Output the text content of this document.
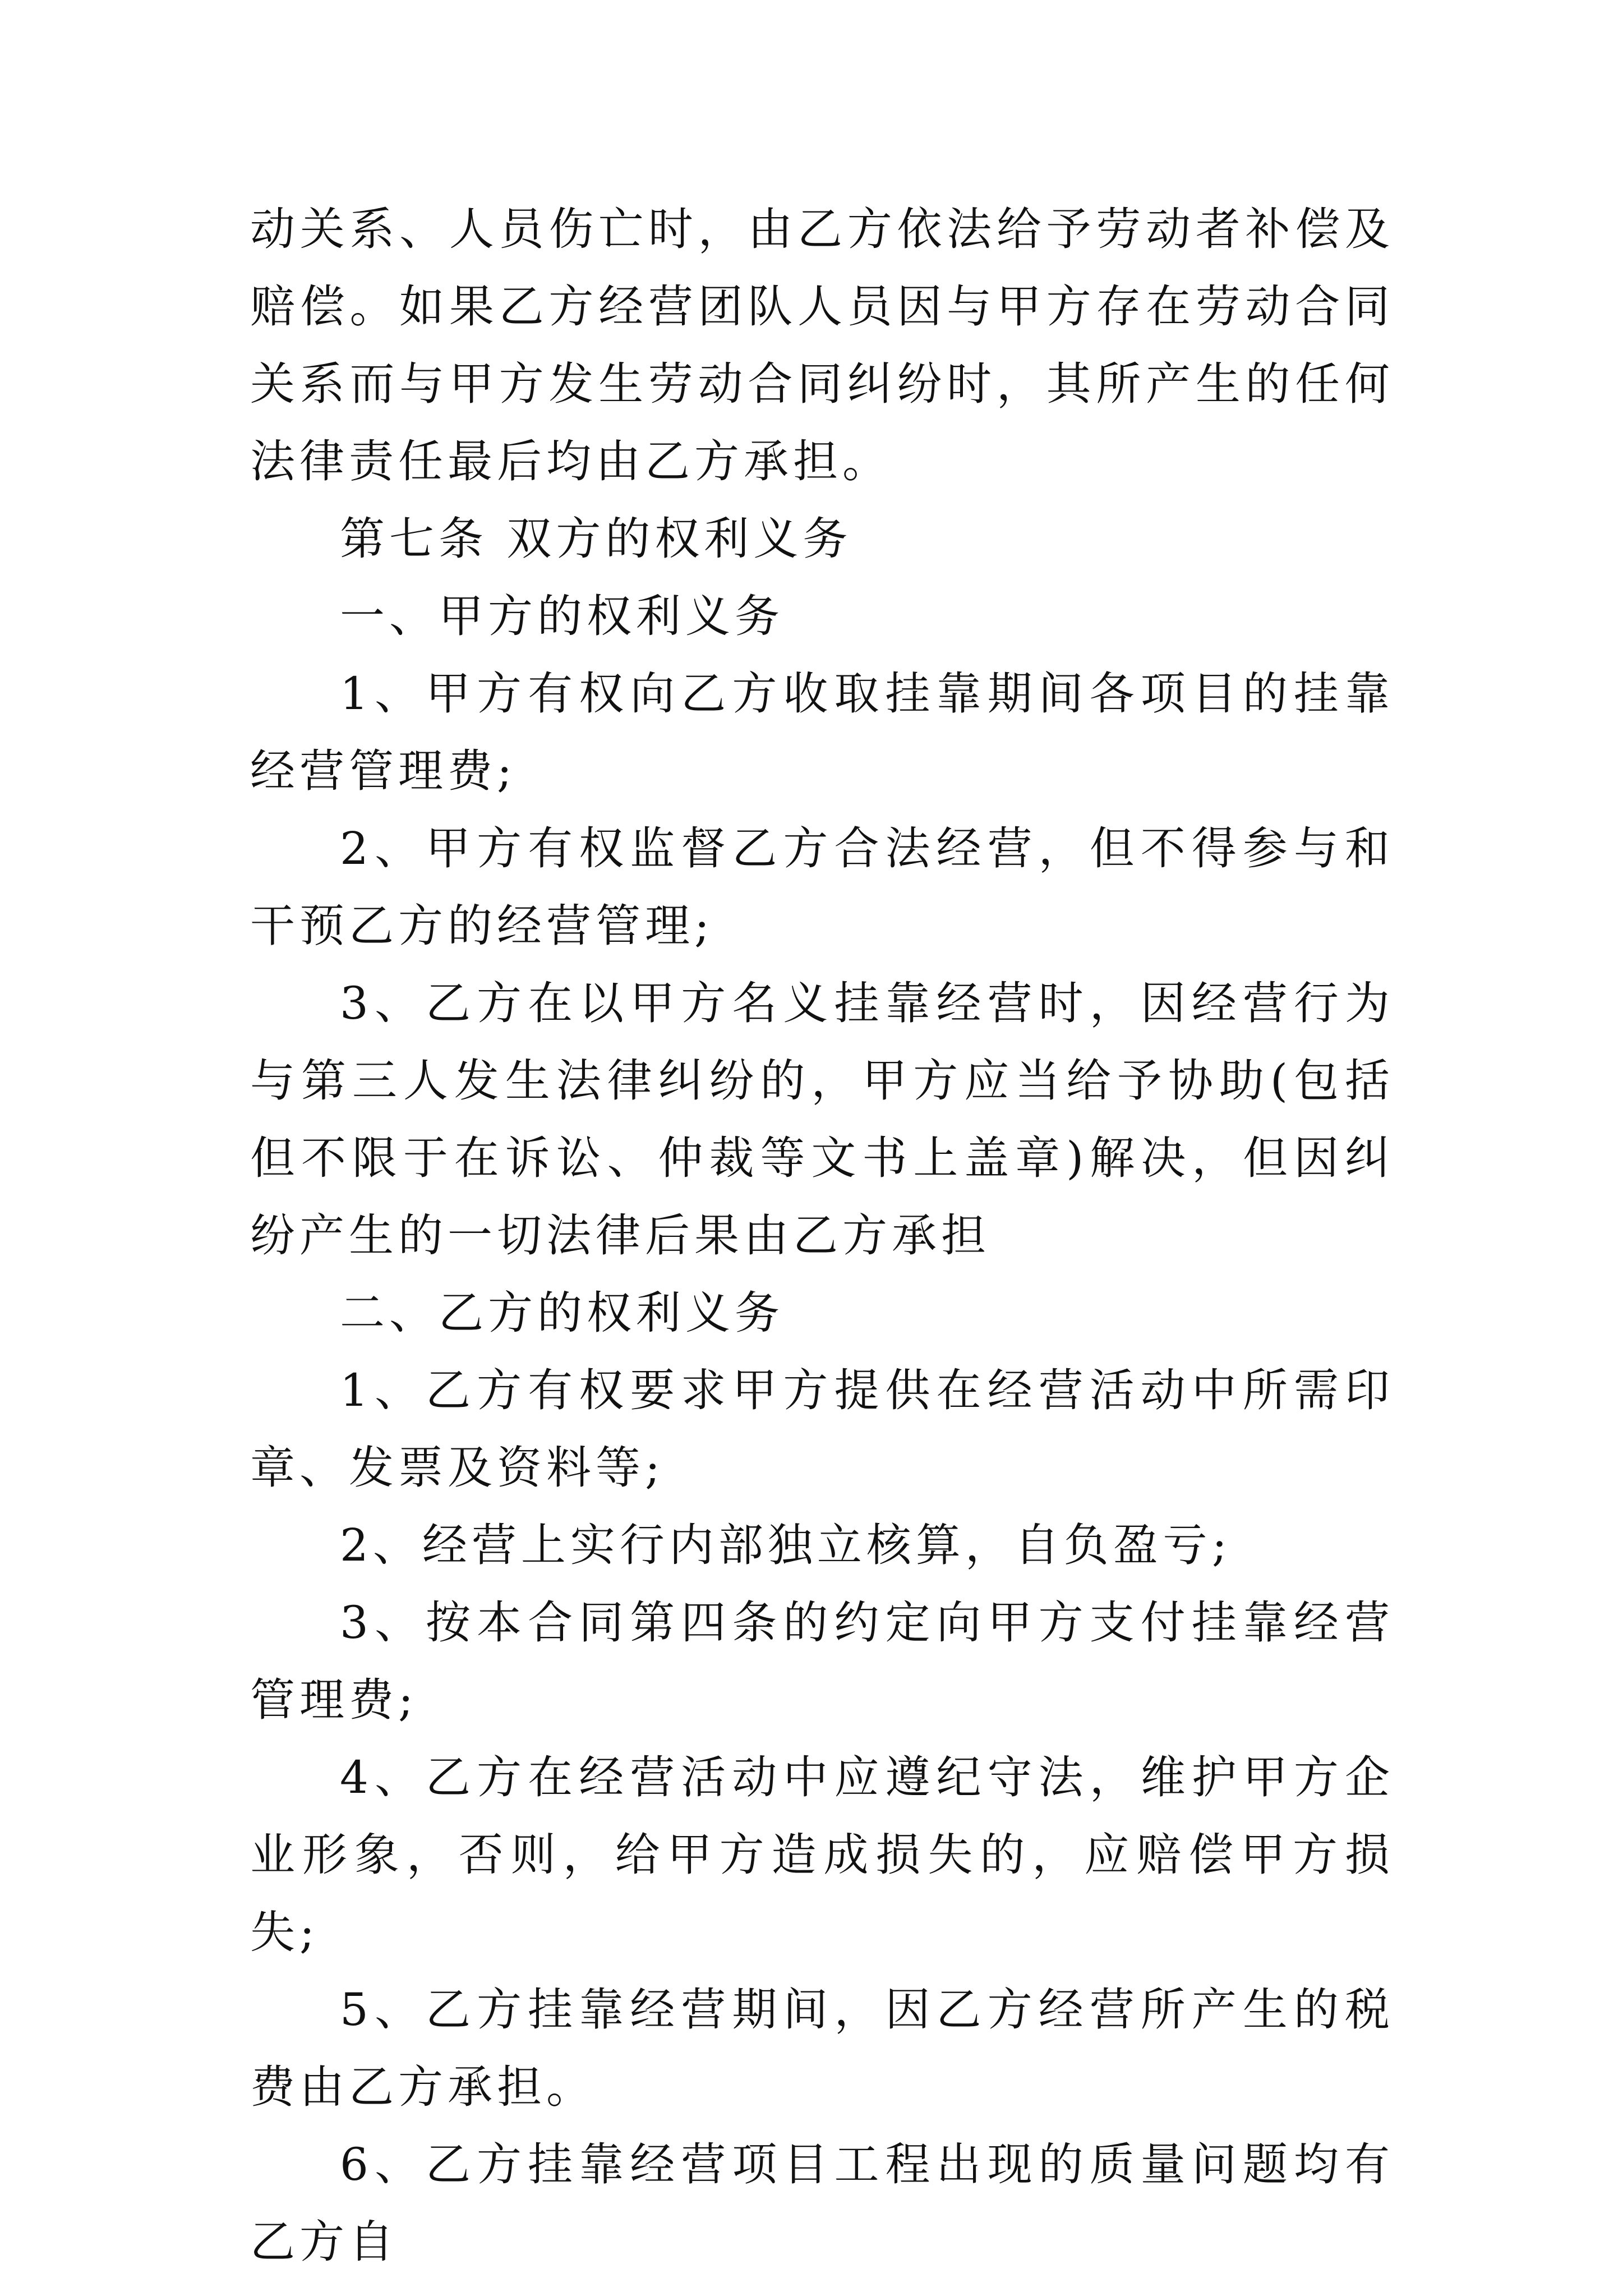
动关系、人员伤亡时，由乙方依法给予劳动者补偿及赔偿。如果乙方经营团队人员因与甲方存在劳动合同关系而与甲方发生劳动合同纠纷时，其所产生的任何法律责任最后均由乙方承担。

第七条 双方的权利义务

一、甲方的权利义务

1、甲方有权向乙方收取挂靠期间各项目的挂靠经营管理费;

2、甲方有权监督乙方合法经营，但不得参与和干预乙方的经营管理;

3、乙方在以甲方名义挂靠经营时，因经营行为与第三人发生法律纠纷的，甲方应当给予协助(包括但不限于在诉讼、仲裁等文书上盖章)解决，但因纠纷产生的一切法律后果由乙方承担

二、乙方的权利义务

1、乙方有权要求甲方提供在经营活动中所需印章、发票及资料等;

2、经营上实行内部独立核算，自负盈亏;

3、按本合同第四条的约定向甲方支付挂靠经营管理费;

4、乙方在经营活动中应遵纪守法，维护甲方企业形象，否则，给甲方造成损失的，应赔偿甲方损失;

5、乙方挂靠经营期间，因乙方经营所产生的税费由乙方承担。

6、乙方挂靠经营项目工程出现的质量问题均有乙方自
